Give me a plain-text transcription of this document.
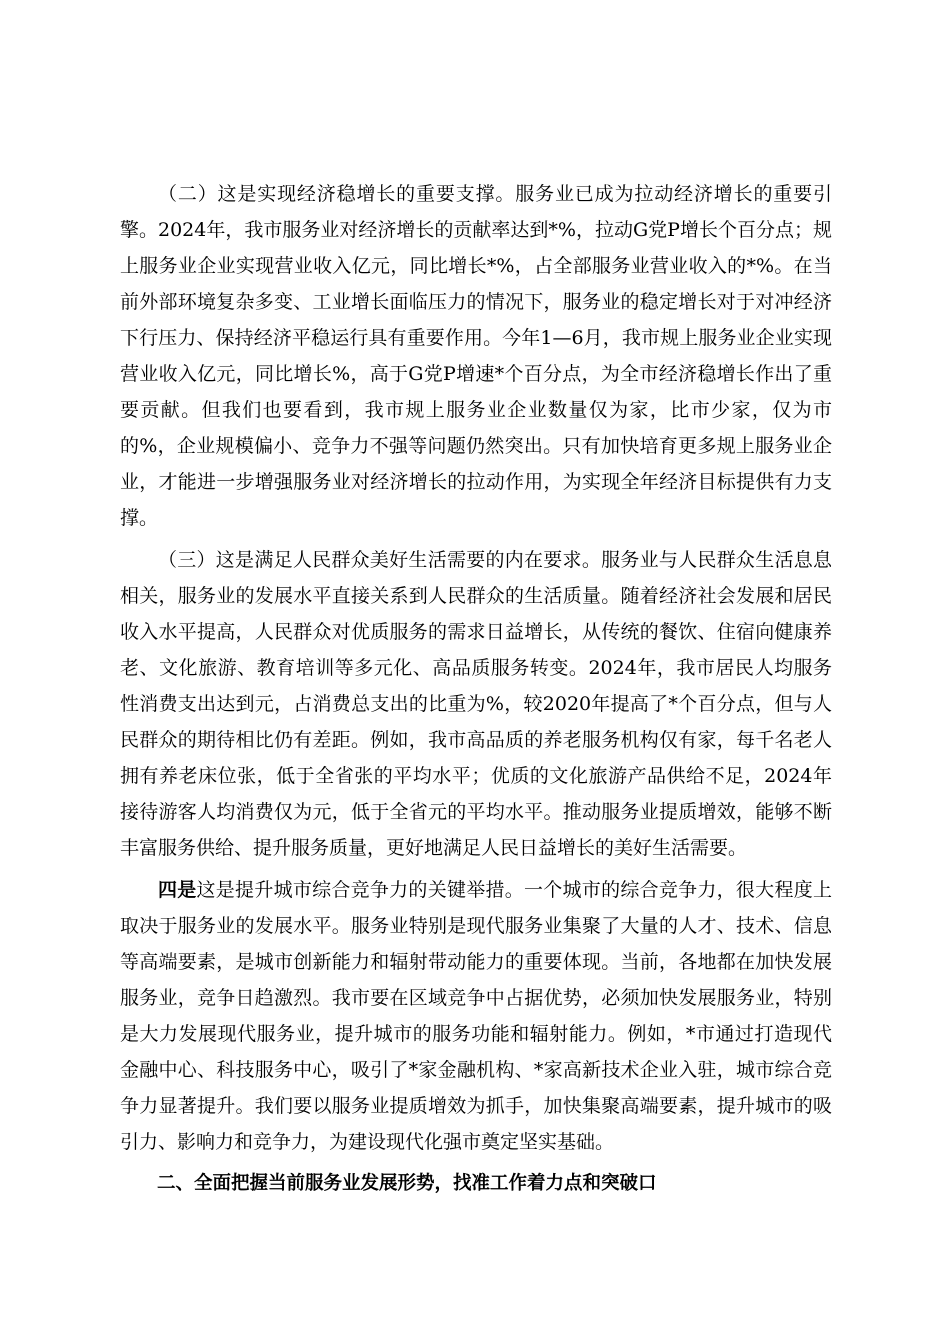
（二）这是实现经济稳增长的重要支撑。服务业已成为拉动经济增长的重要引擎。2024年，我市服务业对经济增长的贡献率达到*%，拉动G党P增长个百分点；规上服务业企业实现营业收入亿元，同比增长*%，占全部服务业营业收入的*%。在当前外部环境复杂多变、工业增长面临压力的情况下，服务业的稳定增长对于对冲经济下行压力、保持经济平稳运行具有重要作用。今年1—6月，我市规上服务业企业实现营业收入亿元，同比增长%，高于G党P增速*个百分点，为全市经济稳增长作出了重要贡献。但我们也要看到，我市规上服务业企业数量仅为家，比市少家，仅为市的%，企业规模偏小、竞争力不强等问题仍然突出。只有加快培育更多规上服务业企业，才能进一步增强服务业对经济增长的拉动作用，为实现全年经济目标提供有力支撑。

（三）这是满足人民群众美好生活需要的内在要求。服务业与人民群众生活息息相关，服务业的发展水平直接关系到人民群众的生活质量。随着经济社会发展和居民收入水平提高，人民群众对优质服务的需求日益增长，从传统的餐饮、住宿向健康养老、文化旅游、教育培训等多元化、高品质服务转变。2024年，我市居民人均服务性消费支出达到元，占消费总支出的比重为%，较2020年提高了*个百分点，但与人民群众的期待相比仍有差距。例如，我市高品质的养老服务机构仅有家，每千名老人拥有养老床位张，低于全省张的平均水平；优质的文化旅游产品供给不足，2024年接待游客人均消费仅为元，低于全省元的平均水平。推动服务业提质增效，能够不断丰富服务供给、提升服务质量，更好地满足人民日益增长的美好生活需要。

四是这是提升城市综合竞争力的关键举措。一个城市的综合竞争力，很大程度上取决于服务业的发展水平。服务业特别是现代服务业集聚了大量的人才、技术、信息等高端要素，是城市创新能力和辐射带动能力的重要体现。当前，各地都在加快发展服务业，竞争日趋激烈。我市要在区域竞争中占据优势，必须加快发展服务业，特别是大力发展现代服务业，提升城市的服务功能和辐射能力。例如，*市通过打造现代金融中心、科技服务中心，吸引了*家金融机构、*家高新技术企业入驻，城市综合竞争力显著提升。我们要以服务业提质增效为抓手，加快集聚高端要素，提升城市的吸引力、影响力和竞争力，为建设现代化强市奠定坚实基础。

二、全面把握当前服务业发展形势，找准工作着力点和突破口
